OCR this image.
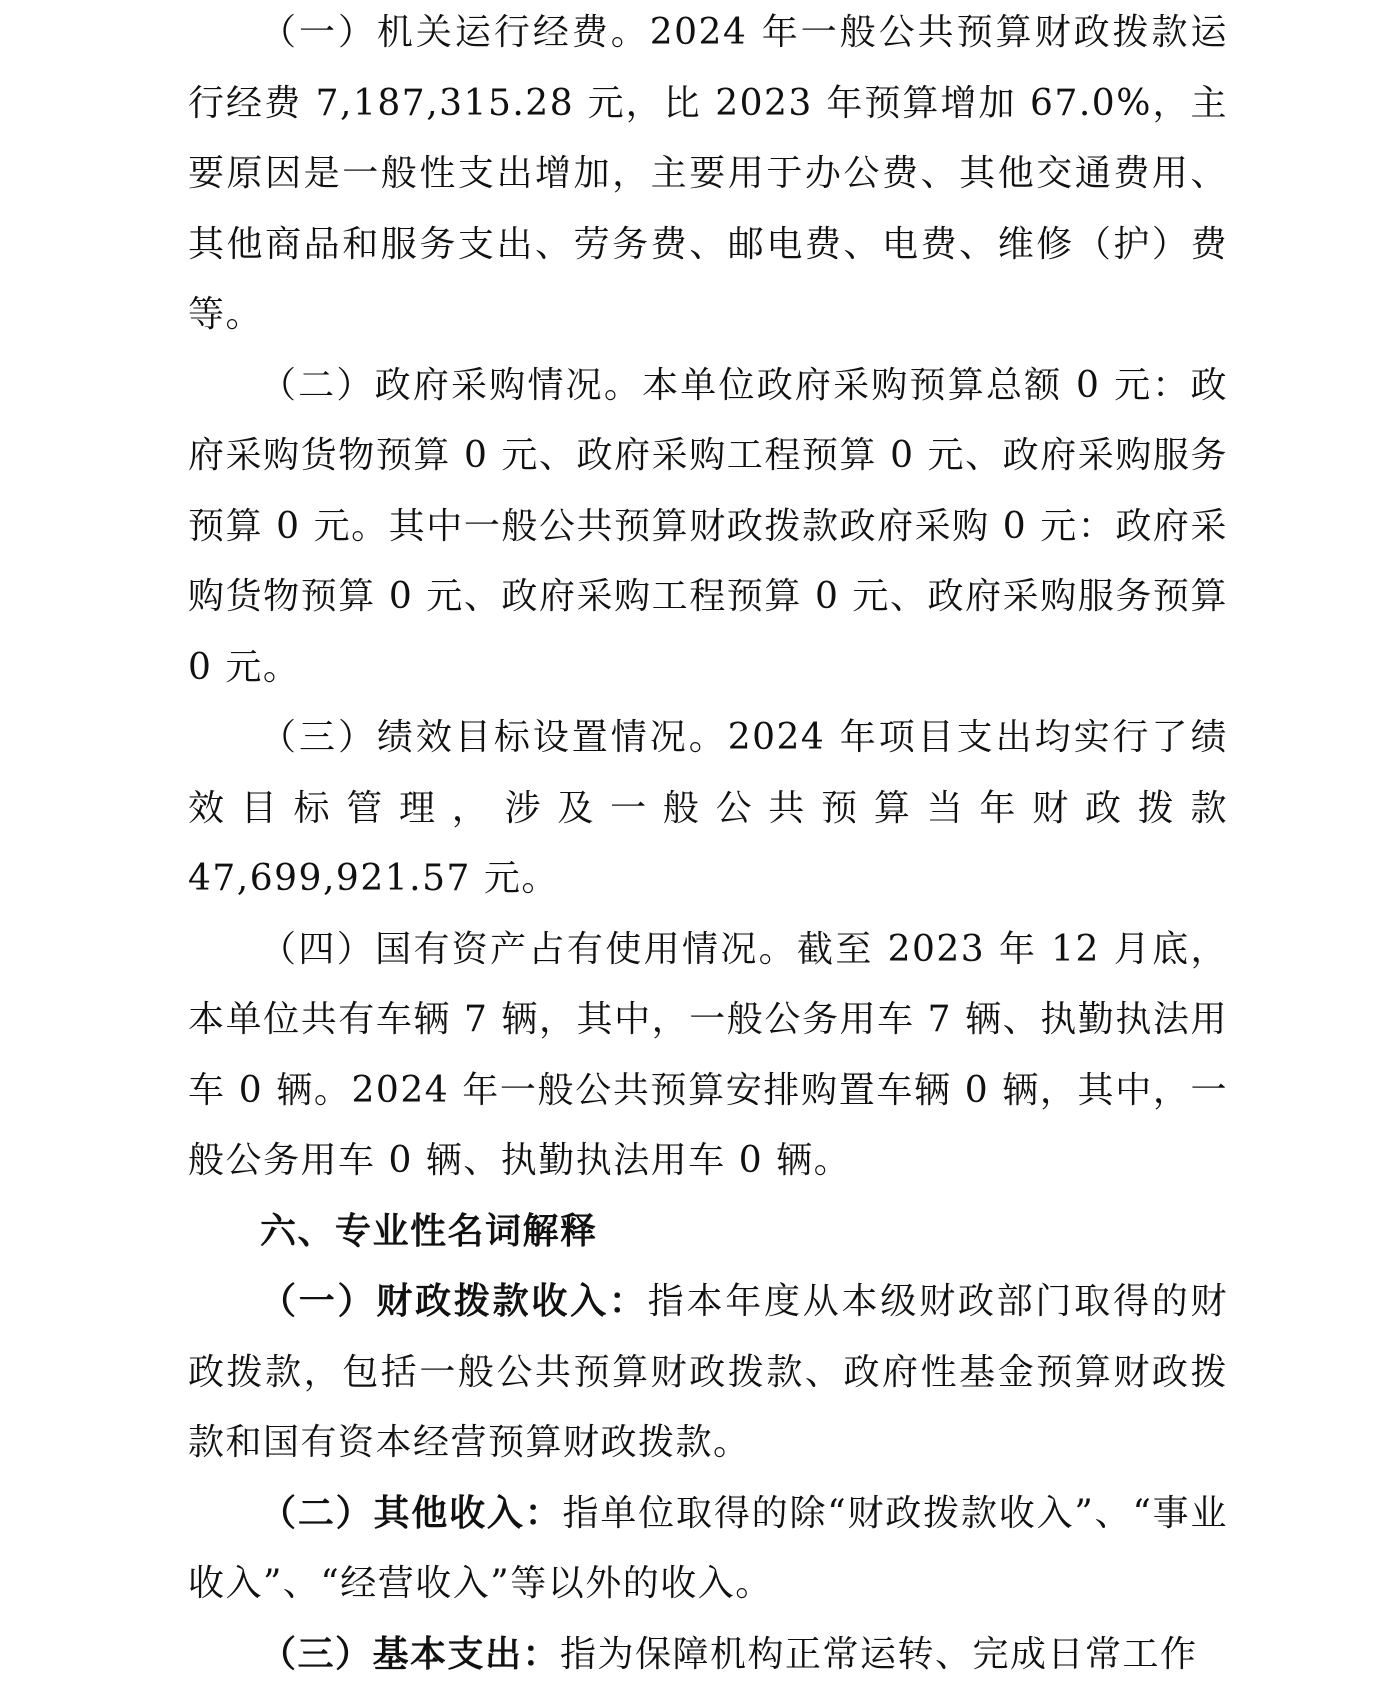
（一）机关运行经费。2024 年一般公共预算财政拨款运行经费 7,187,315.28 元，比 2023 年预算增加 67.0%，主要原因是一般性支出增加，主要用于办公费、其他交通费用、其他商品和服务支出、劳务费、邮电费、电费、维修（护）费等。

（二）政府采购情况。本单位政府采购预算总额 0 元：政府采购货物预算 0 元、政府采购工程预算 0 元、政府采购服务预算 0 元。其中一般公共预算财政拨款政府采购 0 元：政府采购货物预算 0 元、政府采购工程预算 0 元、政府采购服务预算 0 元。

（三）绩效目标设置情况。2024 年项目支出均实行了绩效目标管理，涉及一般公共预算当年财政拨款 47,699,921.57 元。

（四）国有资产占有使用情况。截至 2023 年 12 月底，本单位共有车辆 7 辆，其中，一般公务用车 7 辆、执勤执法用车 0 辆。2024 年一般公共预算安排购置车辆 0 辆，其中，一般公务用车 0 辆、执勤执法用车 0 辆。

六、专业性名词解释

（一）财政拨款收入：指本年度从本级财政部门取得的财政拨款，包括一般公共预算财政拨款、政府性基金预算财政拨款和国有资本经营预算财政拨款。

（二）其他收入：指单位取得的除“财政拨款收入”、“事业收入”、“经营收入”等以外的收入。

（三）基本支出：指为保障机构正常运转、完成日常工作
